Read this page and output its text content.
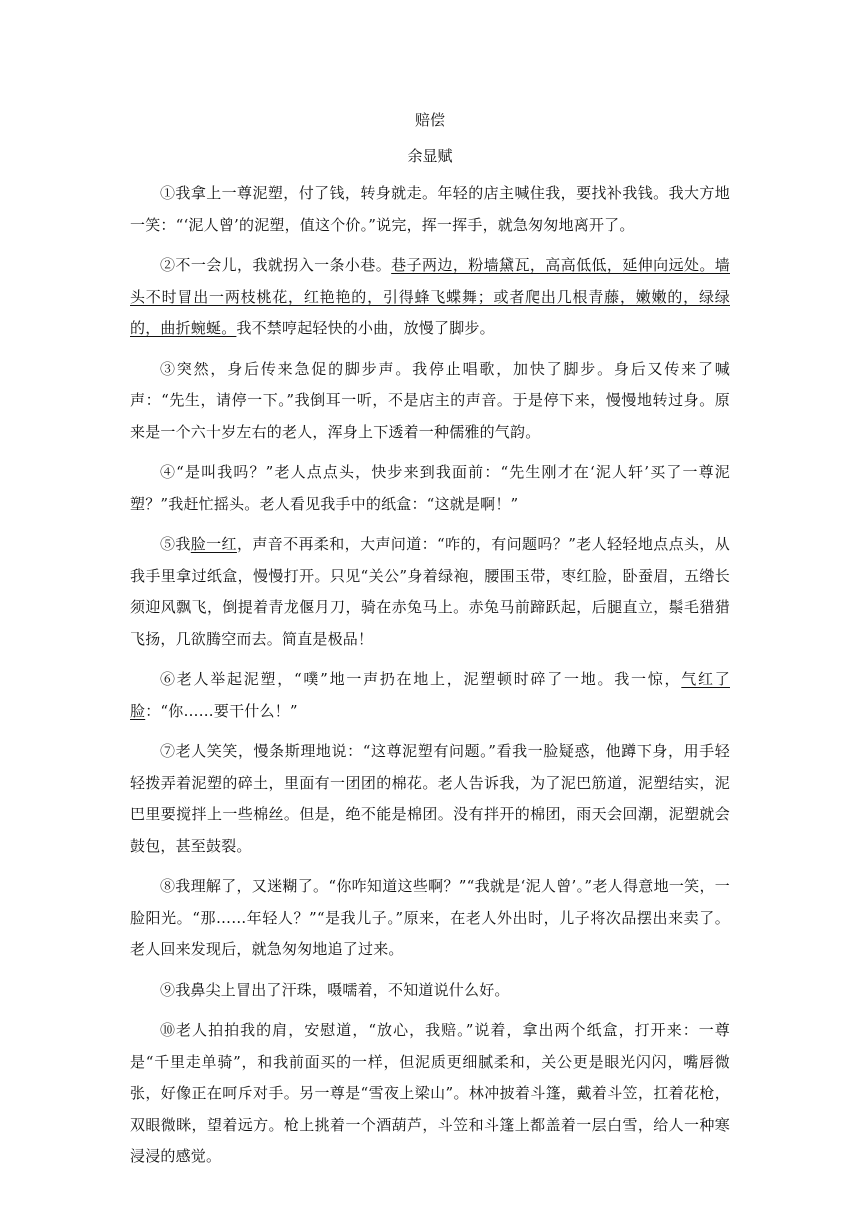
赔偿
余显赋

①我拿上一尊泥塑，付了钱，转身就走。年轻的店主喊住我，要找补我钱。我大方地一笑：“‘泥人曾’的泥塑，值这个价。”说完，挥一挥手，就急匆匆地离开了。

②不一会儿，我就拐入一条小巷。巷子两边，粉墙黛瓦，高高低低，延伸向远处。墙头不时冒出一两枝桃花，红艳艳的，引得蜂飞蝶舞；或者爬出几根青藤，嫩嫩的，绿绿的，曲折蜿蜒。我不禁哼起轻快的小曲，放慢了脚步。

③突然，身后传来急促的脚步声。我停止唱歌，加快了脚步。身后又传来了喊声：“先生，请停一下。”我倒耳一听，不是店主的声音。于是停下来，慢慢地转过身。原来是一个六十岁左右的老人，浑身上下透着一种儒雅的气韵。

④“是叫我吗？”老人点点头，快步来到我面前：“先生刚才在‘泥人轩’买了一尊泥塑？”我赶忙摇头。老人看见我手中的纸盒：“这就是啊！”

⑤我脸一红，声音不再柔和，大声问道：“咋的，有问题吗？”老人轻轻地点点头，从我手里拿过纸盒，慢慢打开。只见“关公”身着绿袍，腰围玉带，枣红脸，卧蚕眉，五绺长须迎风飘飞，倒提着青龙偃月刀，骑在赤兔马上。赤兔马前蹄跃起，后腿直立，鬃毛猎猎飞扬，几欲腾空而去。简直是极品！

⑥老人举起泥塑，“噗”地一声扔在地上，泥塑顿时碎了一地。我一惊，气红了脸：“你……要干什么！”

⑦老人笑笑，慢条斯理地说：“这尊泥塑有问题。”看我一脸疑惑，他蹲下身，用手轻轻拨弄着泥塑的碎土，里面有一团团的棉花。老人告诉我，为了泥巴筋道，泥塑结实，泥巴里要搅拌上一些棉丝。但是，绝不能是棉团。没有拌开的棉团，雨天会回潮，泥塑就会鼓包，甚至鼓裂。

⑧我理解了，又迷糊了。“你咋知道这些啊？”“我就是‘泥人曾’。”老人得意地一笑，一脸阳光。“那……年轻人？”“是我儿子。”原来，在老人外出时，儿子将次品摆出来卖了。老人回来发现后，就急匆匆地追了过来。

⑨我鼻尖上冒出了汗珠，嗫嚅着，不知道说什么好。

⑩老人拍拍我的肩，安慰道，“放心，我赔。”说着，拿出两个纸盒，打开来：一尊是“千里走单骑”，和我前面买的一样，但泥质更细腻柔和，关公更是眼光闪闪，嘴唇微张，好像正在呵斥对手。另一尊是“雪夜上梁山”。林冲披着斗篷，戴着斗笠，扛着花枪，双眼微眯，望着远方。枪上挑着一个酒葫芦，斗笠和斗篷上都盖着一层白雪，给人一种寒浸浸的感觉。
